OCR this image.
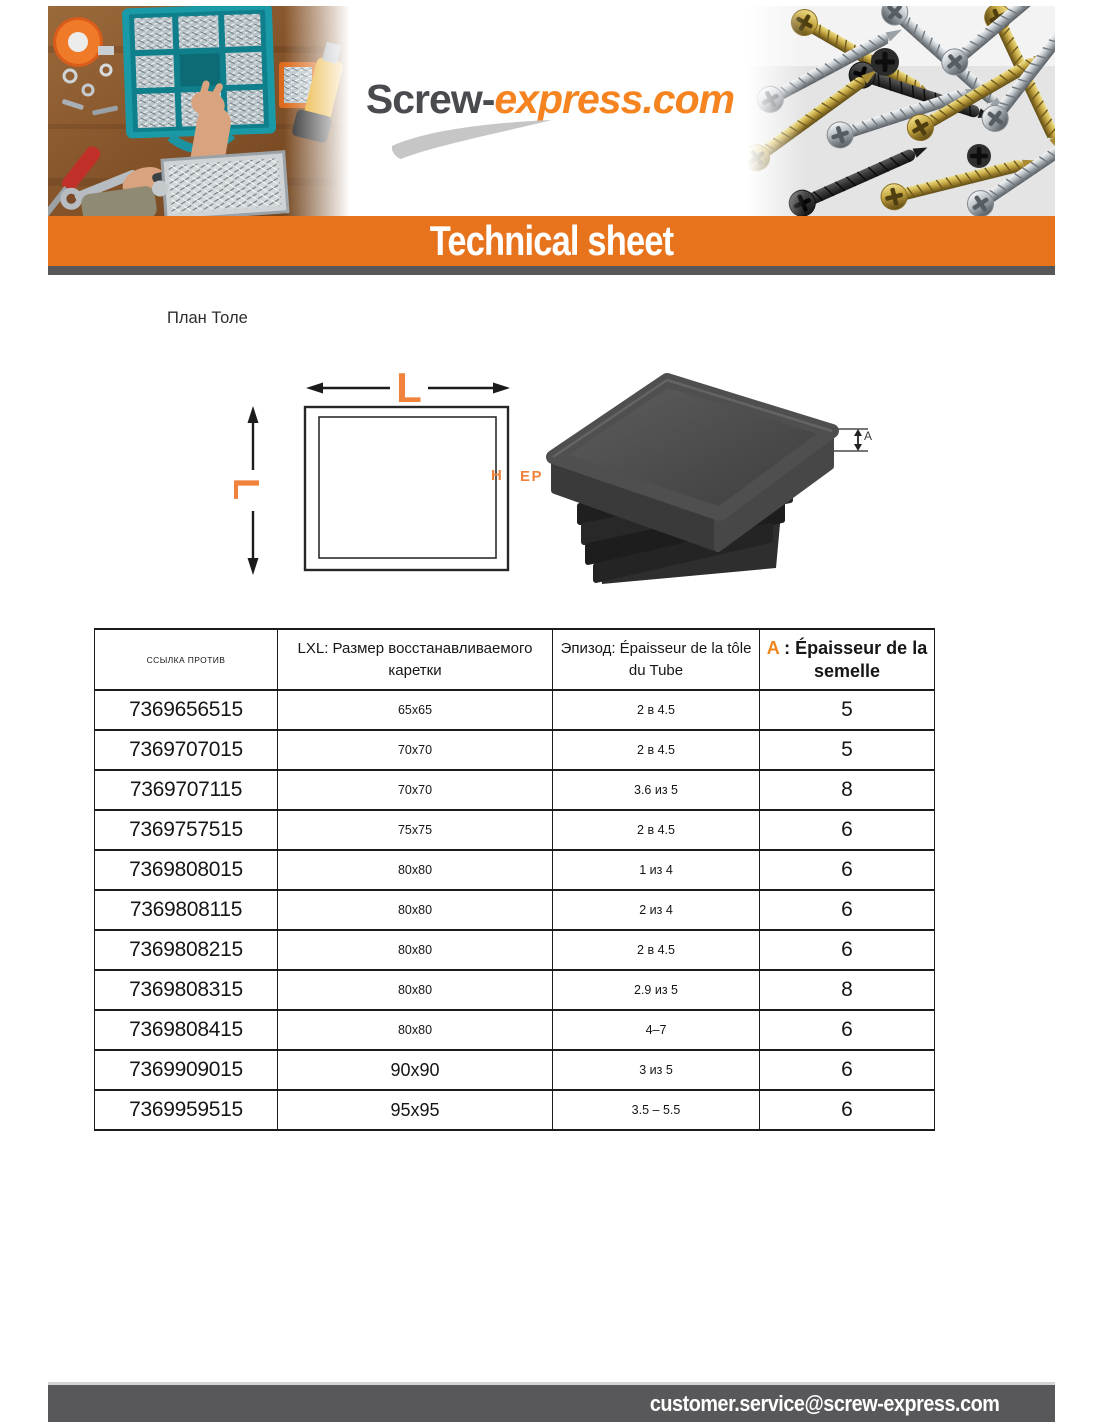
Screw-express.com
Technical sheet
План Толе
L
L
H EP
A
ССЫЛКА ПРОТИВ	LXL: Размер восстанавливаемого каретки	Эпизод: Épaisseur de la tôle du Tube	A : Épaisseur de la semelle
7369656515	65x65	2 в 4.5	5
7369707015	70x70	2 в 4.5	5
7369707115	70x70	3.6 из 5	8
7369757515	75x75	2 в 4.5	6
7369808015	80x80	1 из 4	6
7369808115	80x80	2 из 4	6
7369808215	80x80	2 в 4.5	6
7369808315	80x80	2.9 из 5	8
7369808415	80x80	4–7	6
7369909015	90x90	3 из 5	6
7369959515	95x95	3.5 – 5.5	6
customer.service@screw-express.com
